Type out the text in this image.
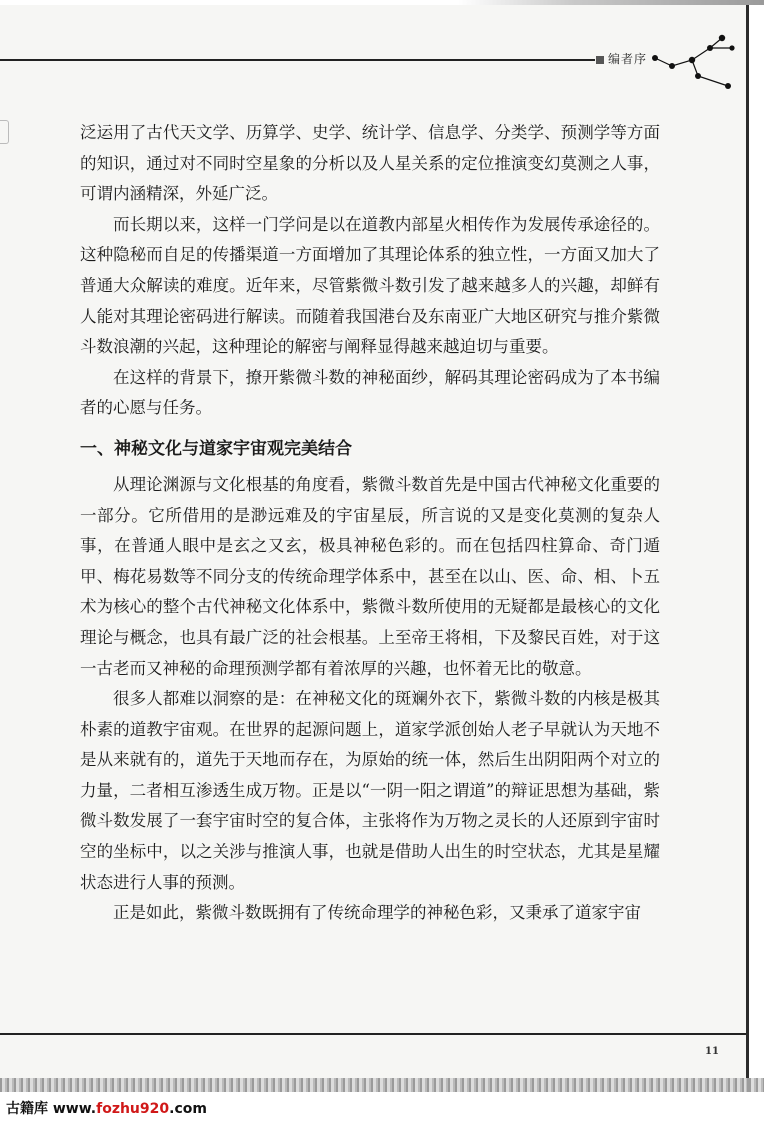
编者序

泛运用了古代天文学、历算学、史学、统计学、信息学、分类学、预测学等方面的知识，通过对不同时空星象的分析以及人星关系的定位推演变幻莫测之人事，可谓内涵精深，外延广泛。

而长期以来，这样一门学问是以在道教内部星火相传作为发展传承途径的。这种隐秘而自足的传播渠道一方面增加了其理论体系的独立性，一方面又加大了普通大众解读的难度。近年来，尽管紫微斗数引发了越来越多人的兴趣，却鲜有人能对其理论密码进行解读。而随着我国港台及东南亚广大地区研究与推介紫微斗数浪潮的兴起，这种理论的解密与阐释显得越来越迫切与重要。

在这样的背景下，撩开紫微斗数的神秘面纱，解码其理论密码成为了本书编者的心愿与任务。

一、神秘文化与道家宇宙观完美结合

从理论渊源与文化根基的角度看，紫微斗数首先是中国古代神秘文化重要的一部分。它所借用的是渺远难及的宇宙星辰，所言说的又是变化莫测的复杂人事，在普通人眼中是玄之又玄，极具神秘色彩的。而在包括四柱算命、奇门遁甲、梅花易数等不同分支的传统命理学体系中，甚至在以山、医、命、相、卜五术为核心的整个古代神秘文化体系中，紫微斗数所使用的无疑都是最核心的文化理论与概念，也具有最广泛的社会根基。上至帝王将相，下及黎民百姓，对于这一古老而又神秘的命理预测学都有着浓厚的兴趣，也怀着无比的敬意。

很多人都难以洞察的是：在神秘文化的斑斓外衣下，紫微斗数的内核是极其朴素的道教宇宙观。在世界的起源问题上，道家学派创始人老子早就认为天地不是从来就有的，道先于天地而存在，为原始的统一体，然后生出阴阳两个对立的力量，二者相互渗透生成万物。正是以“一阴一阳之谓道”的辩证思想为基础，紫微斗数发展了一套宇宙时空的复合体，主张将作为万物之灵长的人还原到宇宙时空的坐标中，以之关涉与推演人事，也就是借助人出生的时空状态，尤其是星耀状态进行人事的预测。

正是如此，紫微斗数既拥有了传统命理学的神秘色彩，又秉承了道家宇宙

11
古籍库 www.fozhu920.com
